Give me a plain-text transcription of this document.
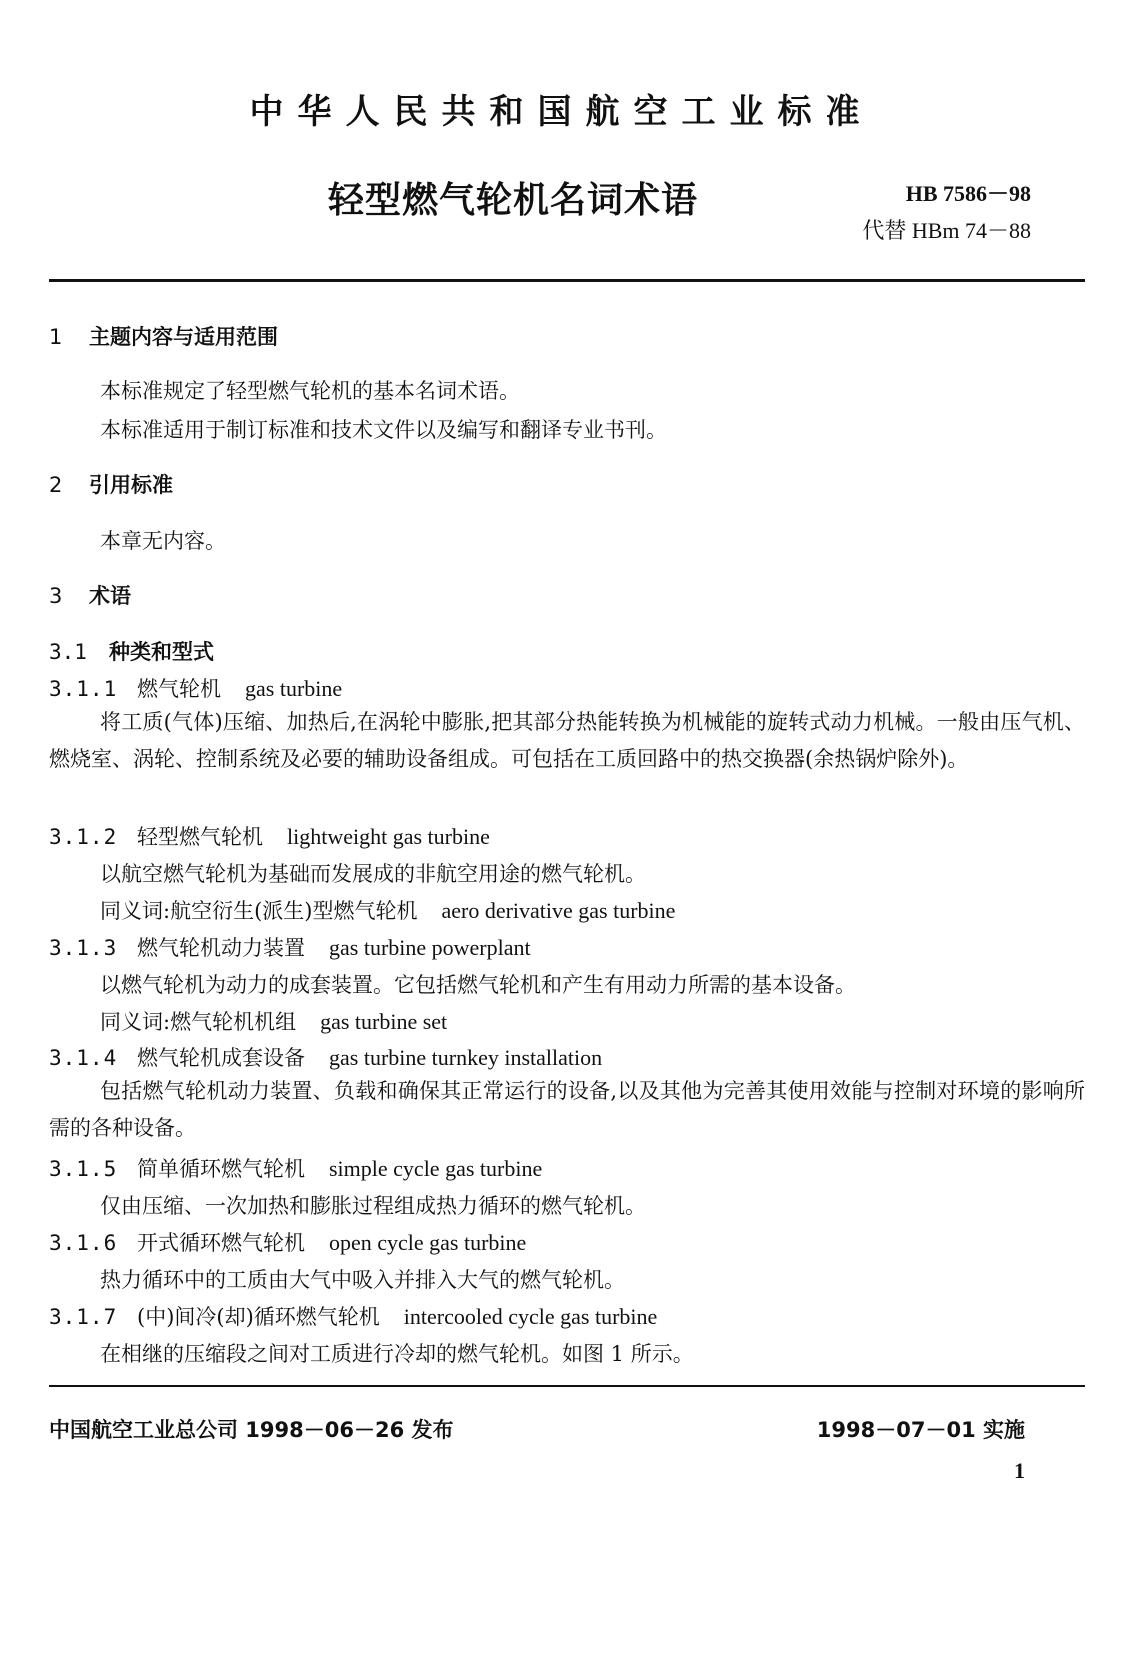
中华人民共和国航空工业标准
轻型燃气轮机名词术语	HB 7586－98
代替 HBm 74－88
1 主题内容与适用范围
本标准规定了轻型燃气轮机的基本名词术语。
本标准适用于制订标准和技术文件以及编写和翻译专业书刊。
2 引用标准
本章无内容。
3 术语
3.1 种类和型式
3.1.1 燃气轮机 gas turbine
将工质(气体)压缩、加热后,在涡轮中膨胀,把其部分热能转换为机械能的旋转式动力机械。一般由压气机、燃烧室、涡轮、控制系统及必要的辅助设备组成。可包括在工质回路中的热交换器(余热锅炉除外)。
3.1.2 轻型燃气轮机 lightweight gas turbine
以航空燃气轮机为基础而发展成的非航空用途的燃气轮机。
同义词:航空衍生(派生)型燃气轮机 aero derivative gas turbine
3.1.3 燃气轮机动力装置 gas turbine powerplant
以燃气轮机为动力的成套装置。它包括燃气轮机和产生有用动力所需的基本设备。
同义词:燃气轮机机组 gas turbine set
3.1.4 燃气轮机成套设备 gas turbine turnkey installation
包括燃气轮机动力装置、负载和确保其正常运行的设备,以及其他为完善其使用效能与控制对环境的影响所需的各种设备。
3.1.5 简单循环燃气轮机 simple cycle gas turbine
仅由压缩、一次加热和膨胀过程组成热力循环的燃气轮机。
3.1.6 开式循环燃气轮机 open cycle gas turbine
热力循环中的工质由大气中吸入并排入大气的燃气轮机。
3.1.7 (中)间冷(却)循环燃气轮机 intercooled cycle gas turbine
在相继的压缩段之间对工质进行冷却的燃气轮机。如图 1 所示。
中国航空工业总公司 1998－06－26 发布	1998－07－01 实施
1
